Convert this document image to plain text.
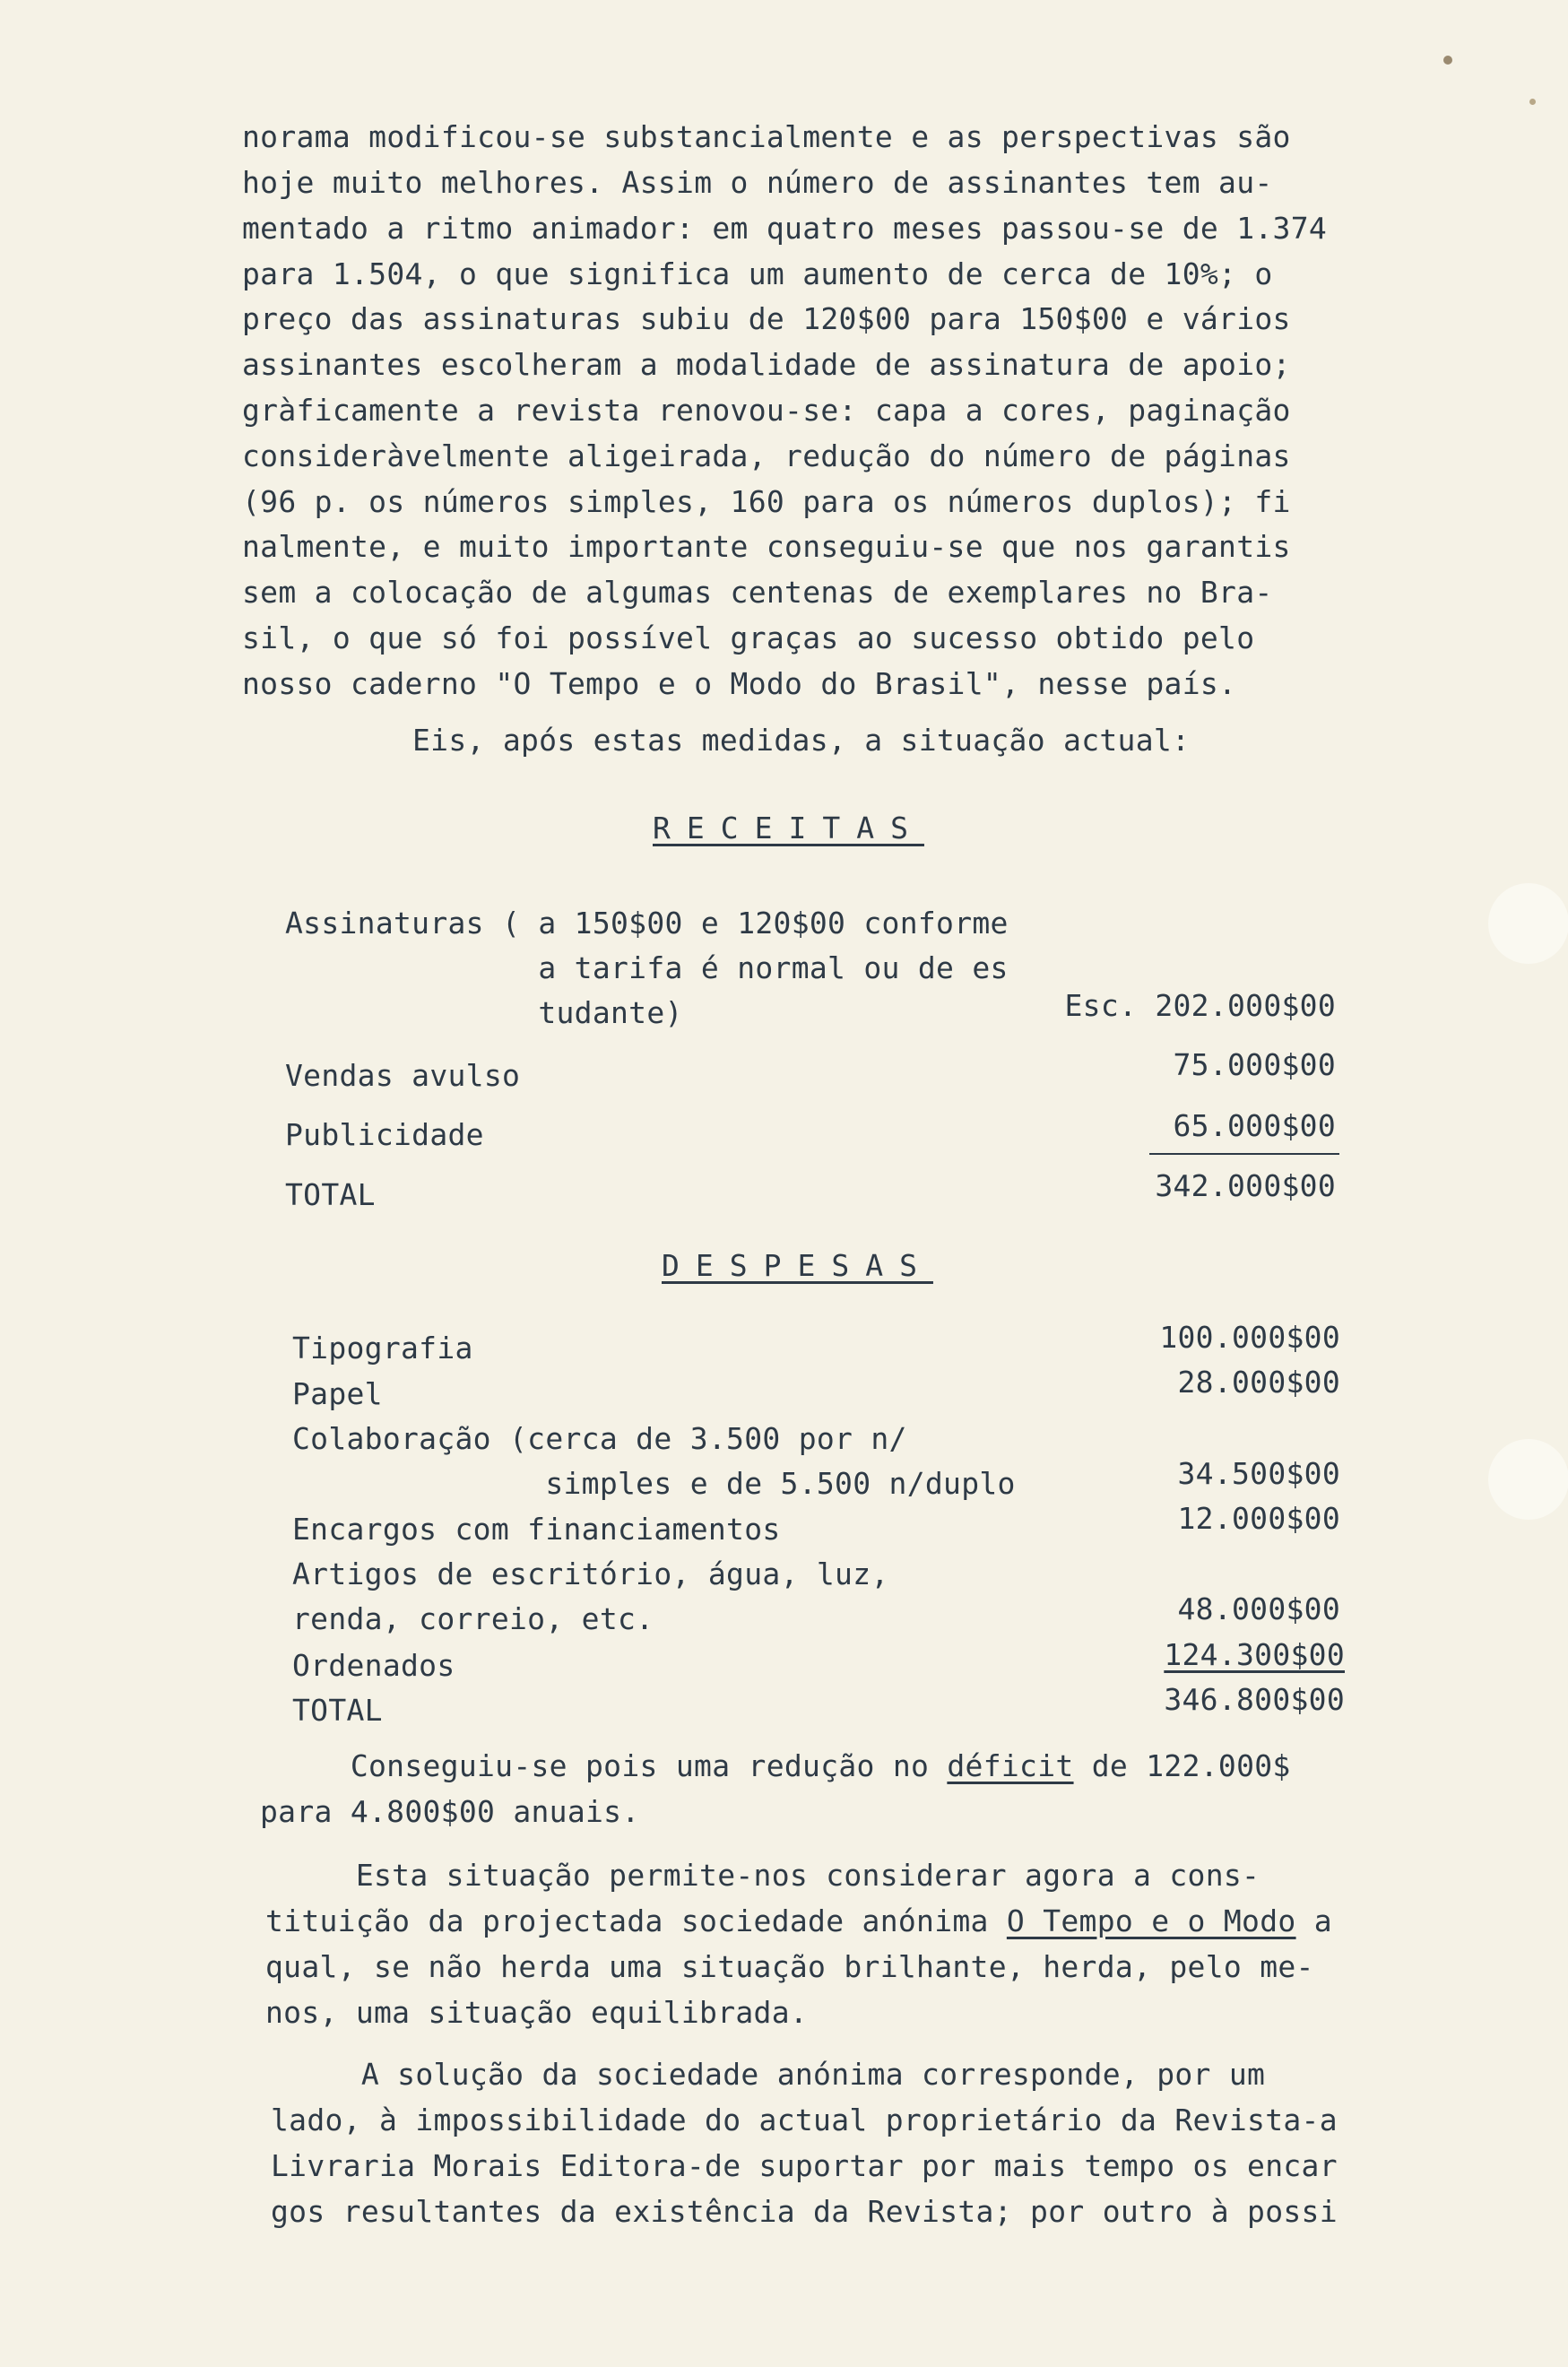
norama modificou-se substancialmente e as perspectivas são
hoje muito melhores. Assim o número de assinantes tem au-
mentado a ritmo animador: em quatro meses passou-se de 1.374
para 1.504, o que significa um aumento de cerca de 10%; o
preço das assinaturas subiu de 120$00 para 150$00 e vários
assinantes escolheram a modalidade de assinatura de apoio;
gràficamente a revista renovou-se: capa a cores, paginação
consideràvelmente aligeirada, redução do número de páginas
(96 p. os números simples, 160 para os números duplos); fi
nalmente, e muito importante conseguiu-se que nos garantis
sem a colocação de algumas centenas de exemplares no Bra-
sil, o que só foi possível graças ao sucesso obtido pelo
nosso caderno "O Tempo e o Modo do Brasil", nesse país.
Eis, após estas medidas, a situação actual:
RECEITAS
Assinaturas ( a 150$00 e 120$00 conforme
a tarifa é normal ou de es
tudante)	Esc. 202.000$00
Vendas avulso	75.000$00
Publicidade	65.000$00
TOTAL	342.000$00
DESPESAS
Tipografia	100.000$00
Papel	28.000$00
Colaboração (cerca de 3.500 por n/
simples e de 5.500 n/duplo	34.500$00
Encargos com financiamentos	12.000$00
Artigos de escritório, água, luz,
renda, correio, etc.	48.000$00
Ordenados	124.300$00
TOTAL	346.800$00
Conseguiu-se pois uma redução no déficit de 122.000$
para 4.800$00 anuais.
Esta situação permite-nos considerar agora a cons-
tituição da projectada sociedade anónima O Tempo e o Modo a
qual, se não herda uma situação brilhante, herda, pelo me-
nos, uma situação equilibrada.
A solução da sociedade anónima corresponde, por um
lado, à impossibilidade do actual proprietário da Revista-a
Livraria Morais Editora-de suportar por mais tempo os encar
gos resultantes da existência da Revista; por outro à possi
